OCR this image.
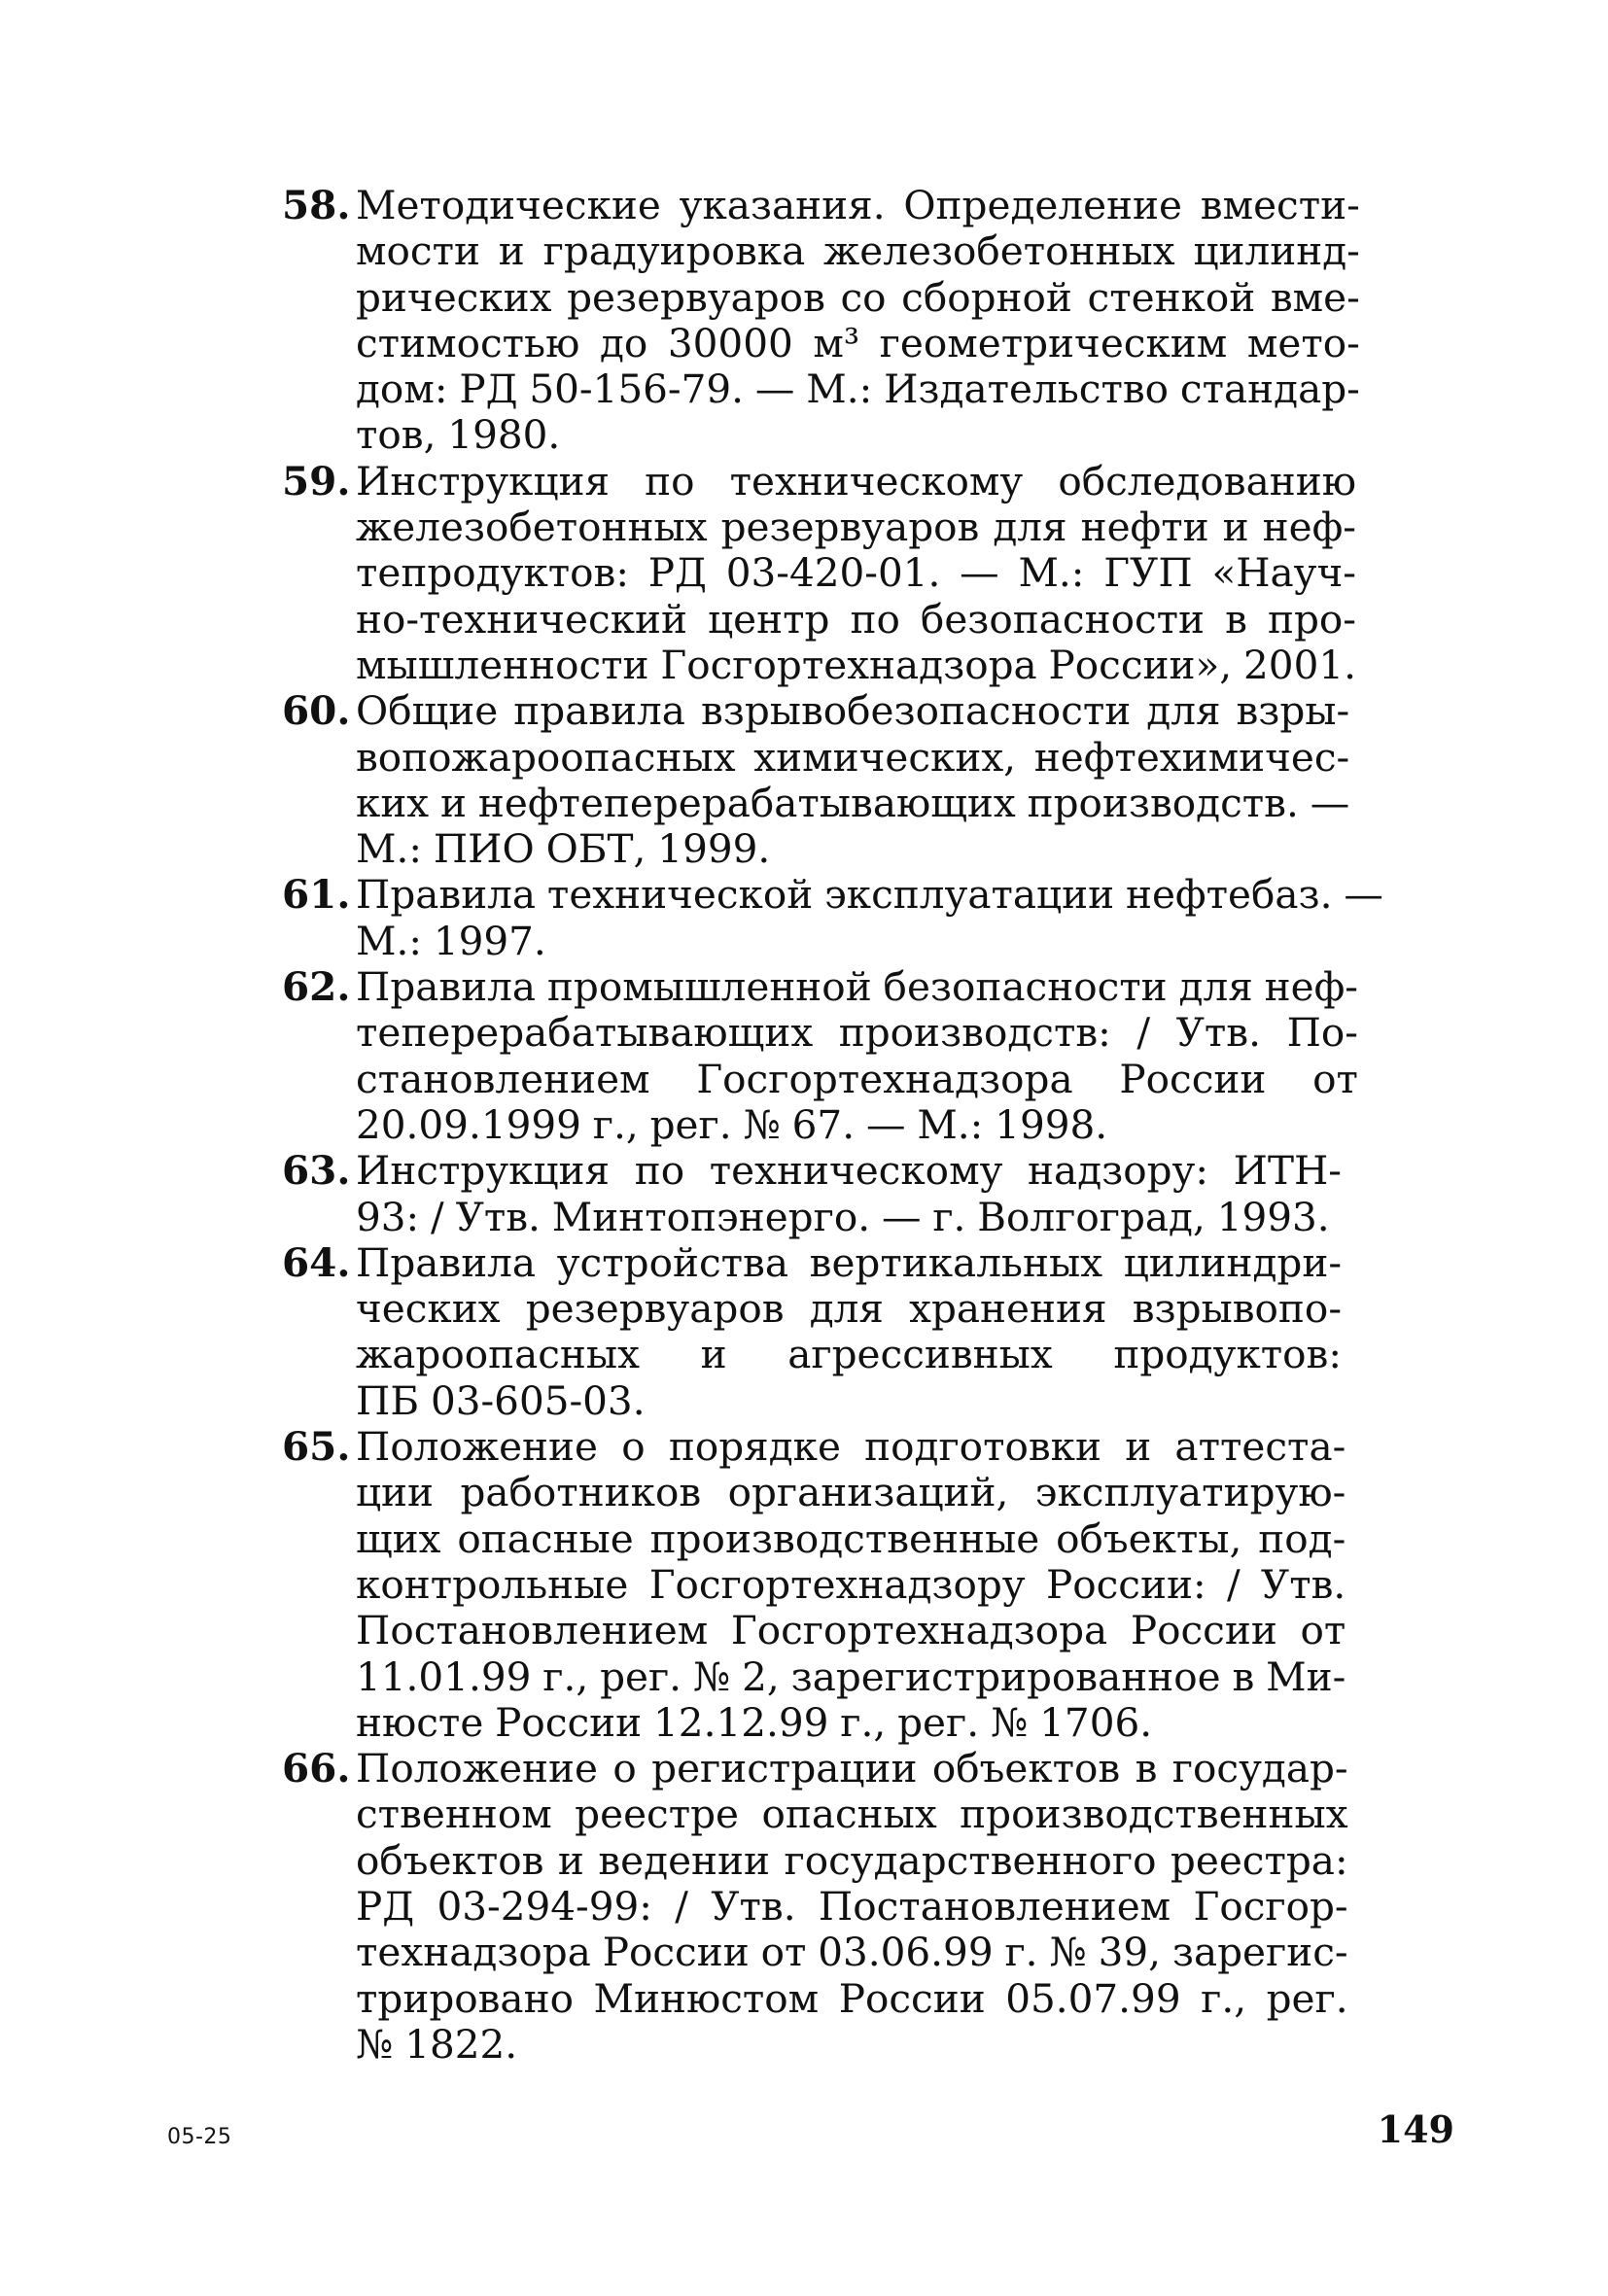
58. Методические указания. Определение вмести-
мости и градуировка железобетонных цилинд-
рических резервуаров со сборной стенкой вме-
стимостью до 30000 м³ геометрическим мето-
дом: РД 50-156-79. — М.: Издательство стандар-
тов, 1980.
59. Инструкция по техническому обследованию
железобетонных резервуаров для нефти и неф-
тепродуктов: РД 03-420-01. — М.: ГУП «Науч-
но-технический центр по безопасности в про-
мышленности Госгортехнадзора России», 2001.
60. Общие правила взрывобезопасности для взры-
вопожароопасных химических, нефтехимичес-
ких и нефтеперерабатывающих производств. —
М.: ПИО ОБТ, 1999.
61. Правила технической эксплуатации нефтебаз. —
М.: 1997.
62. Правила промышленной безопасности для неф-
теперерабатывающих производств: / Утв. По-
становлением Госгортехнадзора России от
20.09.1999 г., рег. № 67. — М.: 1998.
63. Инструкция по техническому надзору: ИТН-
93: / Утв. Минтопэнерго. — г. Волгоград, 1993.
64. Правила устройства вертикальных цилиндри-
ческих резервуаров для хранения взрывопо-
жароопасных и агрессивных продуктов:
ПБ 03-605-03.
65. Положение о порядке подготовки и аттеста-
ции работников организаций, эксплуатирую-
щих опасные производственные объекты, под-
контрольные Госгортехнадзору России: / Утв.
Постановлением Госгортехнадзора России от
11.01.99 г., рег. № 2, зарегистрированное в Ми-
нюсте России 12.12.99 г., рег. № 1706.
66. Положение о регистрации объектов в государ-
ственном реестре опасных производственных
объектов и ведении государственного реестра:
РД 03-294-99: / Утв. Постановлением Госгор-
технадзора России от 03.06.99 г. № 39, зарегис-
трировано Минюстом России 05.07.99 г., рег.
№ 1822.
05-25	149
